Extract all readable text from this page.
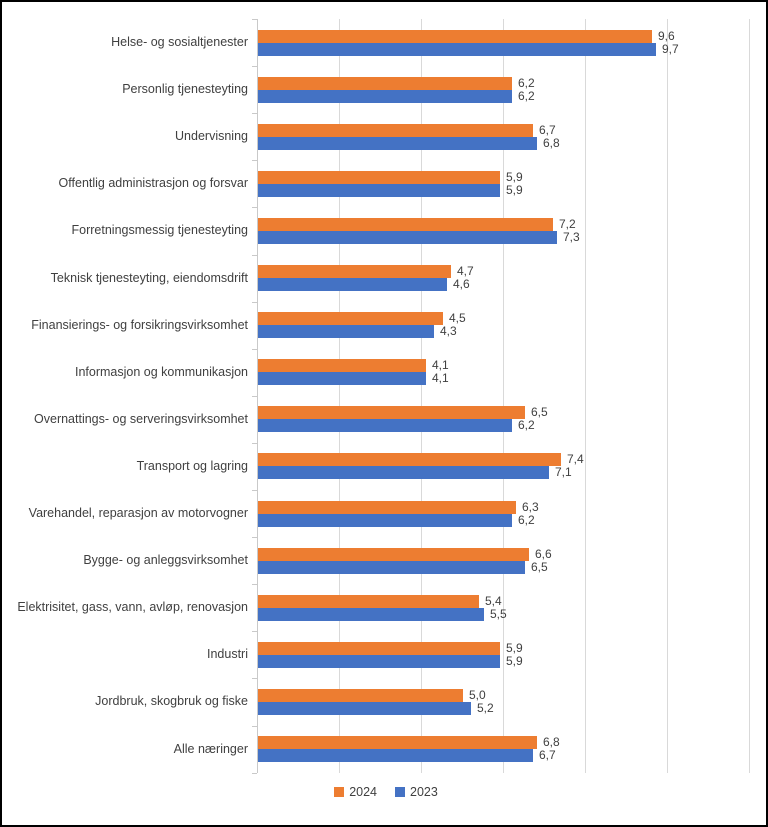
Helse- og sosialtjenester	9,6
9,7
Personlig tjenesteyting	6,2
6,2
Undervisning	6,7
6,8
Offentlig administrasjon og forsvar	5,9
5,9
Forretningsmessig tjenesteyting	7,2
7,3
Teknisk tjenesteyting, eiendomsdrift	4,7
4,6
Finansierings- og forsikringsvirksomhet	4,5
4,3
Informasjon og kommunikasjon	4,1
4,1
Overnattings- og serveringsvirksomhet	6,5
6,2
Transport og lagring	7,4
7,1
Varehandel, reparasjon av motorvogner	6,3
6,2
Bygge- og anleggsvirksomhet	6,6
6,5
Elektrisitet, gass, vann, avløp, renovasjon	5,4
5,5
Industri	5,9
5,9
Jordbruk, skogbruk og fiske	5,0
5,2
Alle næringer	6,8
6,7
2024	2023
